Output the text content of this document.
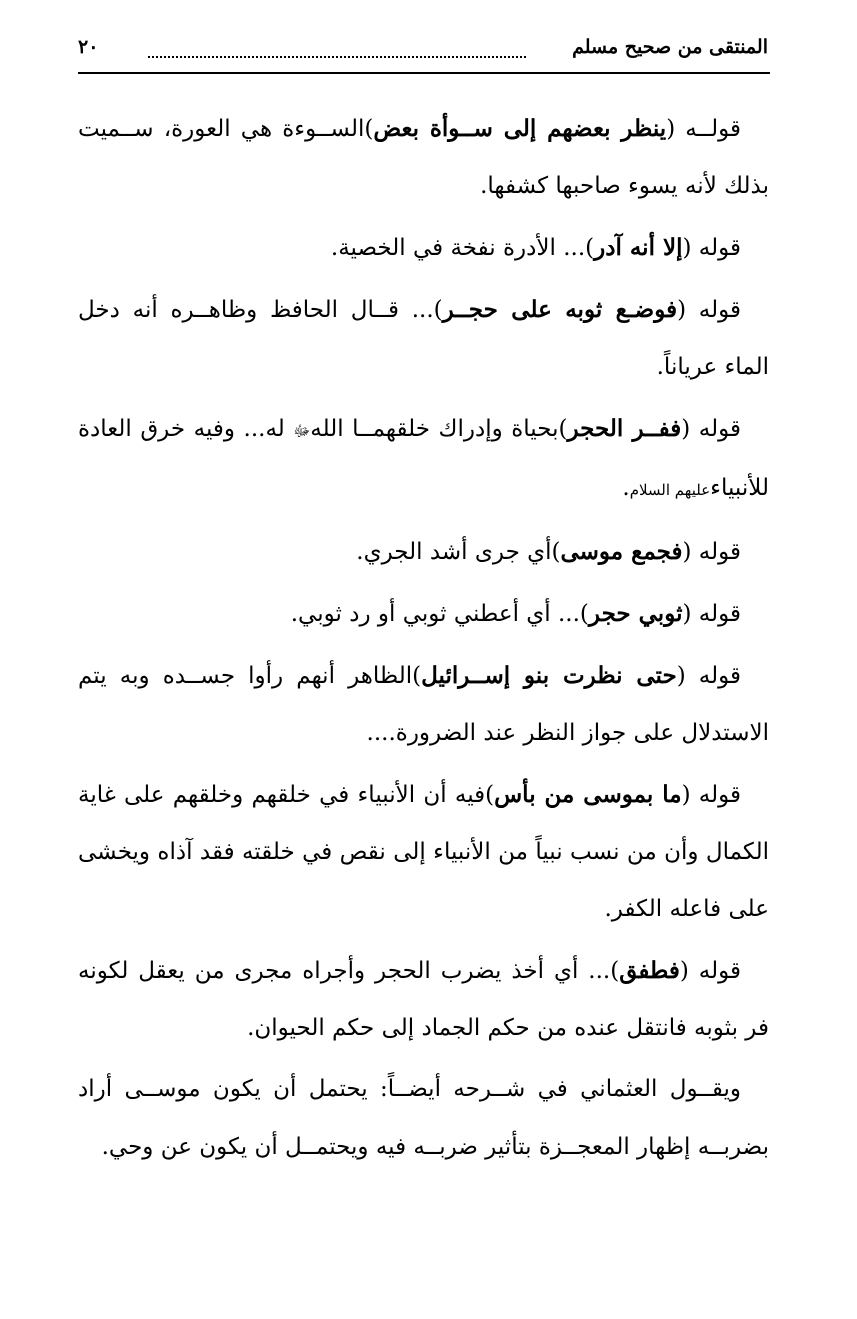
المنتقى من صحيح مسلم
٢٠

قولــه (ينظر بعضهم إلى ســوأة بعض)الســوءة هي العورة، ســميت بذلك لأنه يسوء صاحبها كشفها.

قوله (إلا أنه آدر)... الأدرة نفخة في الخصية.

قوله (فوضـع ثوبه على حجــر)... قــال الحافظ وظاهــره أنه دخل الماء عرياناً.

قوله (ففــر الحجر)بحياة وإدراك خلقهمــا اللهﷻ له... وفيه خرق العادة للأنبياءعليهم السلام.

قوله (فجمع موسى)أي جرى أشد الجري.

قوله (ثوبي حجر)... أي أعطني ثوبي أو رد ثوبي.

قوله (حتى نظرت بنو إســرائيل)الظاهر أنهم رأوا جســده وبه يتم الاستدلال على جواز النظر عند الضرورة....

قوله (ما بموسى من بأس)فيه أن الأنبياء في خلقهم وخلقهم على غاية الكمال وأن من نسب نبياً من الأنبياء إلى نقص في خلقته فقد آذاه ويخشى على فاعله الكفر.

قوله (فطفق)... أي أخذ يضرب الحجر وأجراه مجرى من يعقل لكونه فر بثوبه فانتقل عنده من حكم الجماد إلى حكم الحيوان.

ويقــول العثماني في شــرحه أيضــاً: يحتمل أن يكون موســى أراد بضربــه إظهار المعجــزة بتأثير ضربــه فيه ويحتمــل أن يكون عن وحي.
